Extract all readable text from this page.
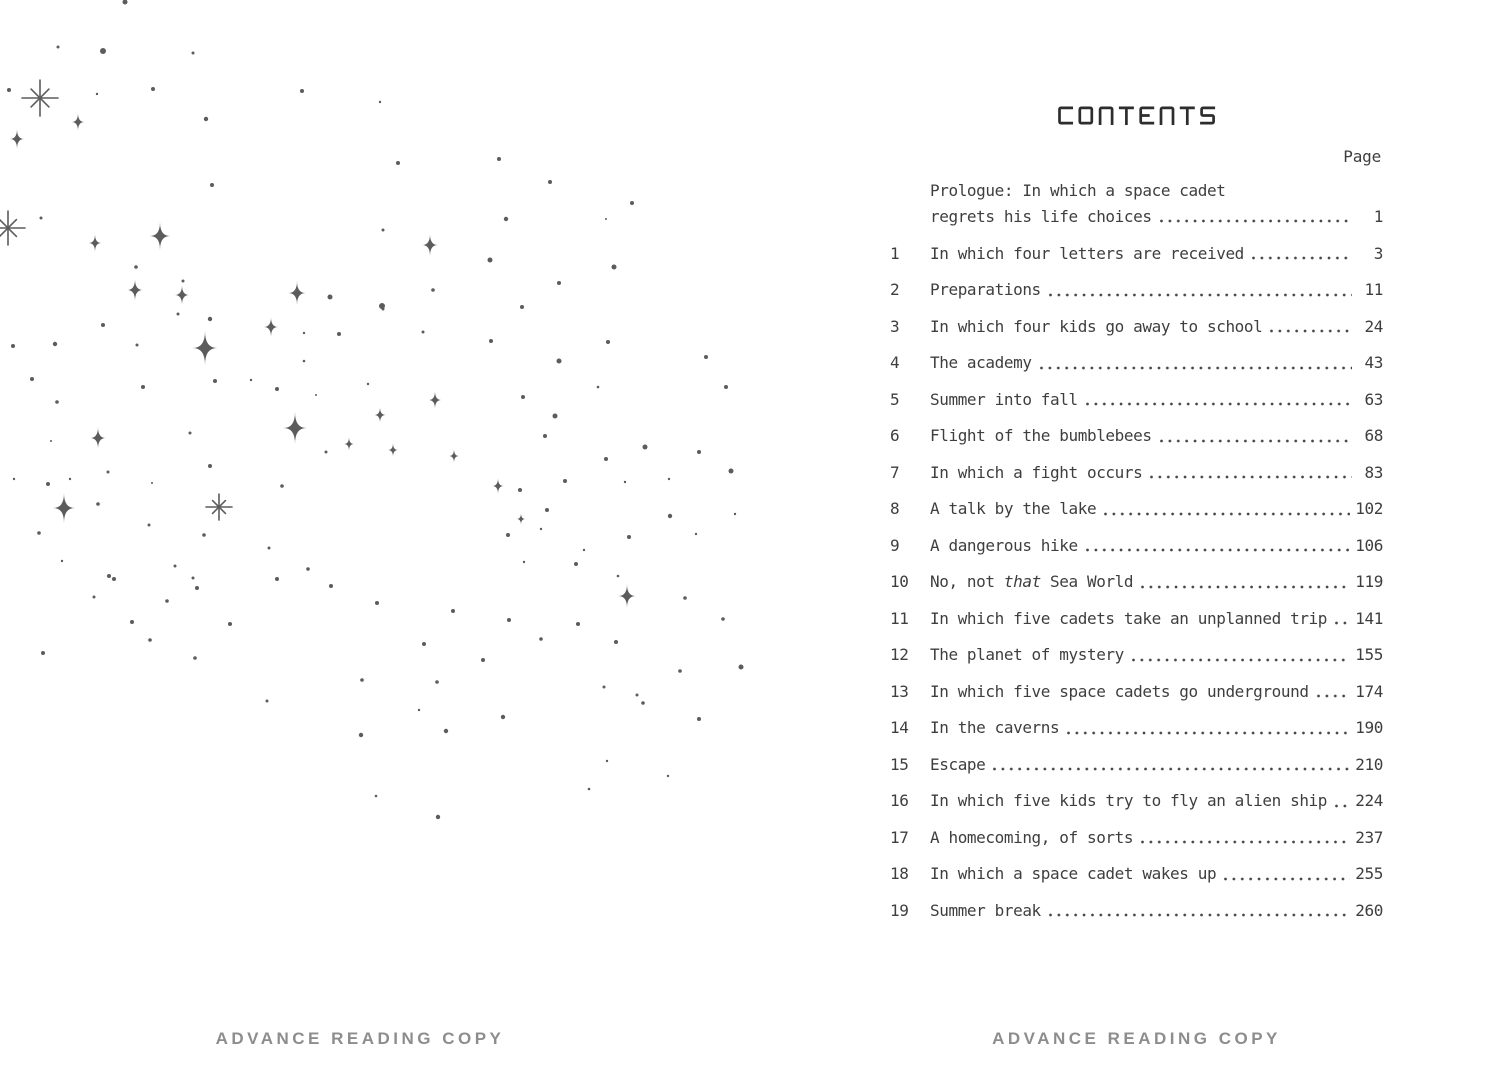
ADVANCE READING COPY
Page
Prologue: In which a space cadet
regrets his life choices	1
1	In which four letters are received	3
2	Preparations	11
3	In which four kids go away to school	24
4	The academy	43
5	Summer into fall	63
6	Flight of the bumblebees	68
7	In which a fight occurs	83
8	A talk by the lake	102
9	A dangerous hike	106
10	No, not that Sea World	119
11	In which five cadets take an unplanned trip 141
12	The planet of mystery	155
13	In which five space cadets go underground	174
14	In the caverns	190
15	Escape	210
16	In which five kids try to fly an alien ship 224
17	A homecoming, of sorts	237
18	In which a space cadet wakes up	255
19	Summer break	260
ADVANCE READING COPY
